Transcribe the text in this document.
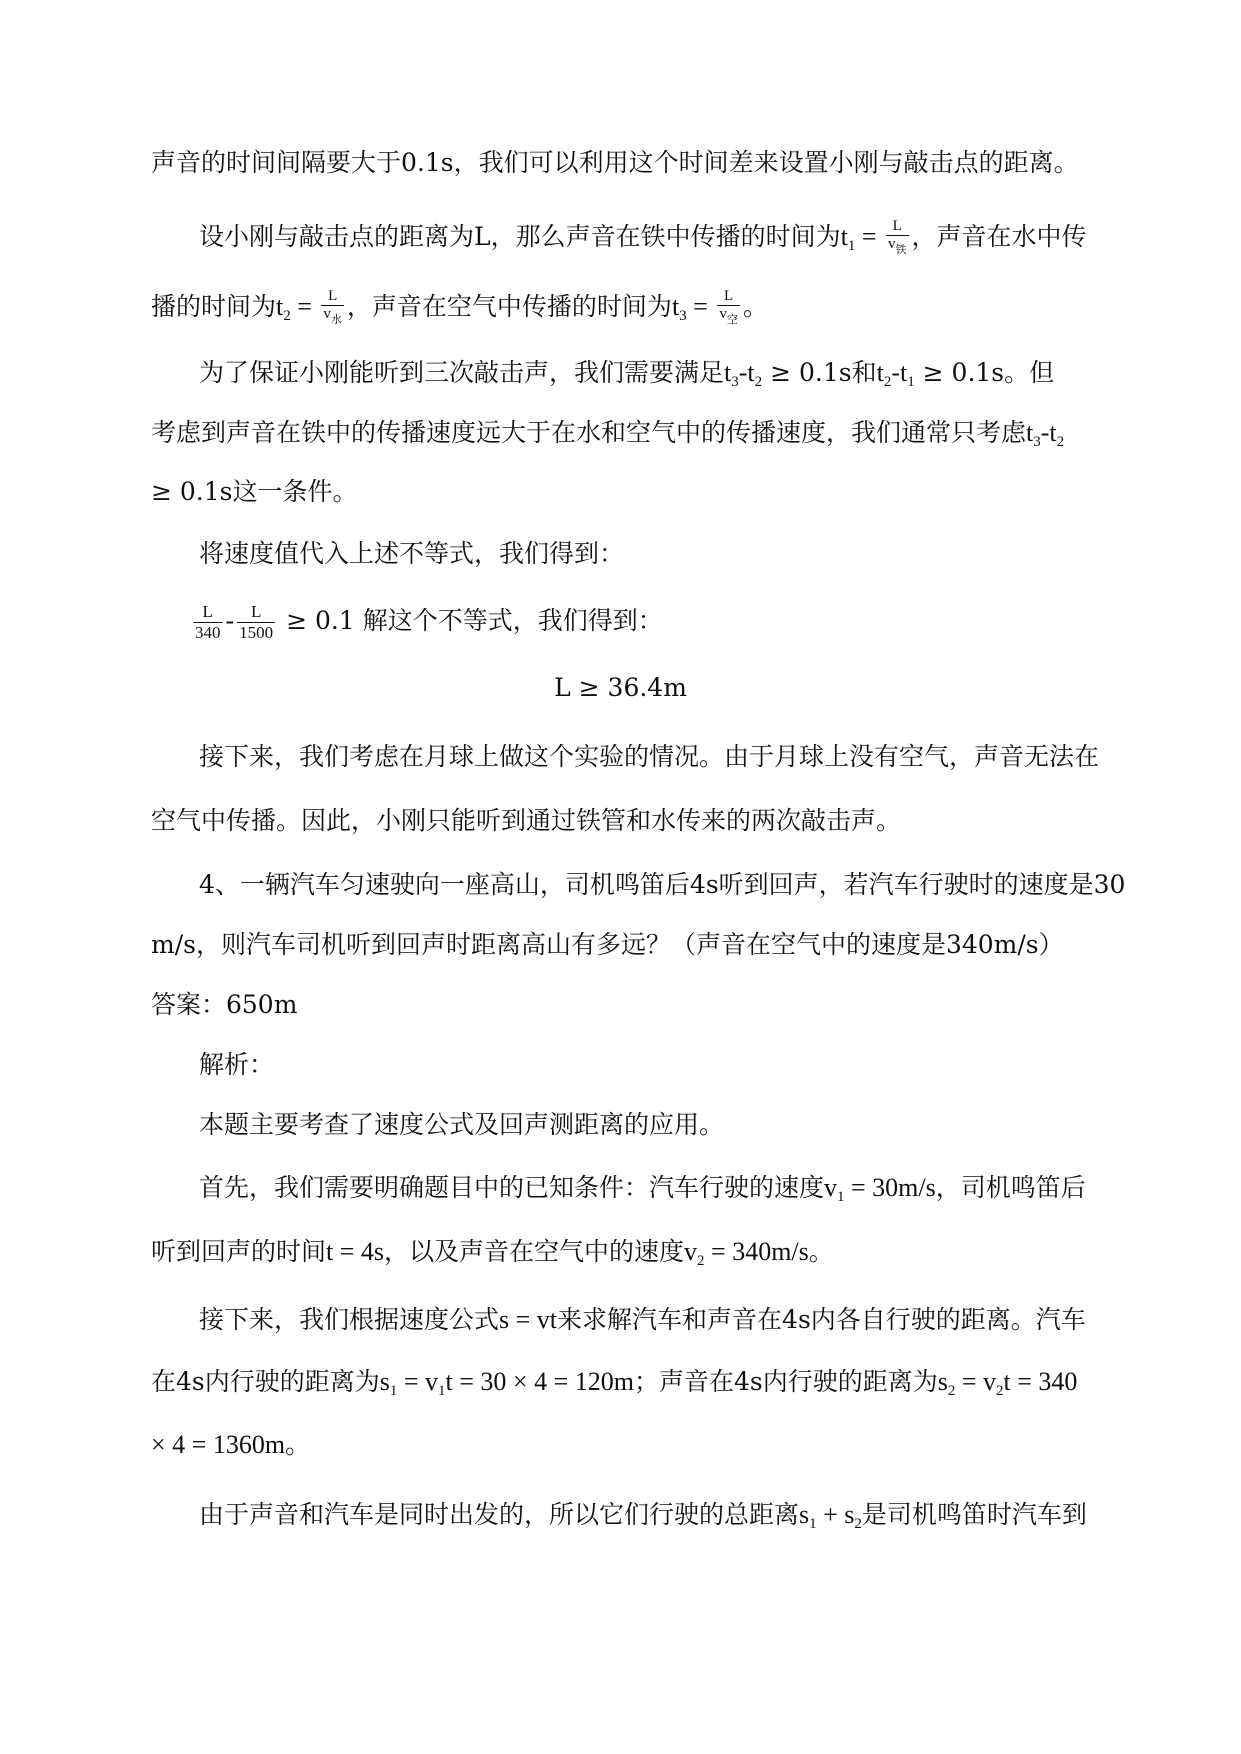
声音的时间间隔要大于0.1s，我们可以利用这个时间差来设置小刚与敲击点的距离。
设小刚与敲击点的距离为L，那么声音在铁中传播的时间为$t_1 = \frac{L}{v_铁}$ ，声音在水中传
播的时间为$t_2 = \frac{L}{v_水}$ ，声音在空气中传播的时间为$t_3 = \frac{L}{v_空}$ 。
为了保证小刚能听到三次敲击声，我们需要满足$t_3-t_2 \ge 0.1s$和$t_2-t_1 \ge 0.1s$。但
考虑到声音在铁中的传播速度远大于在水和空气中的传播速度，我们通常只考虑$t_3-t_2$
≥ 0.1s这一条件。
将速度值代入上述不等式，我们得到：
$\frac{L}{340} - \frac{L}{1500} \ge 0.1$ 解这个不等式，我们得到：
L ≥ 36.4m
接下来，我们考虑在月球上做这个实验的情况。由于月球上没有空气，声音无法在
空气中传播。因此，小刚只能听到通过铁管和水传来的两次敲击声。
4、一辆汽车匀速驶向一座高山，司机鸣笛后4s听到回声，若汽车行驶时的速度是30
m/s，则汽车司机听到回声时距离高山有多远？（声音在空气中的速度是340m/s）
答案：650m
解析：
本题主要考查了速度公式及回声测距离的应用。
首先，我们需要明确题目中的已知条件：汽车行驶的速度$v_1 = 30m/s$，司机鸣笛后
听到回声的时间t = 4s，以及声音在空气中的速度$v_2 = 340m/s$。
接下来，我们根据速度公式s = vt来求解汽车和声音在4s内各自行驶的距离。汽车
在4s内行驶的距离为$s_1 = v_1t = 30 \times 4 = 120m$；声音在4s内行驶的距离为$s_2 = v_2t = 340$
× 4 = 1360m。
由于声音和汽车是同时出发的，所以它们行驶的总距离$s_1 + s_2$是司机鸣笛时汽车到
